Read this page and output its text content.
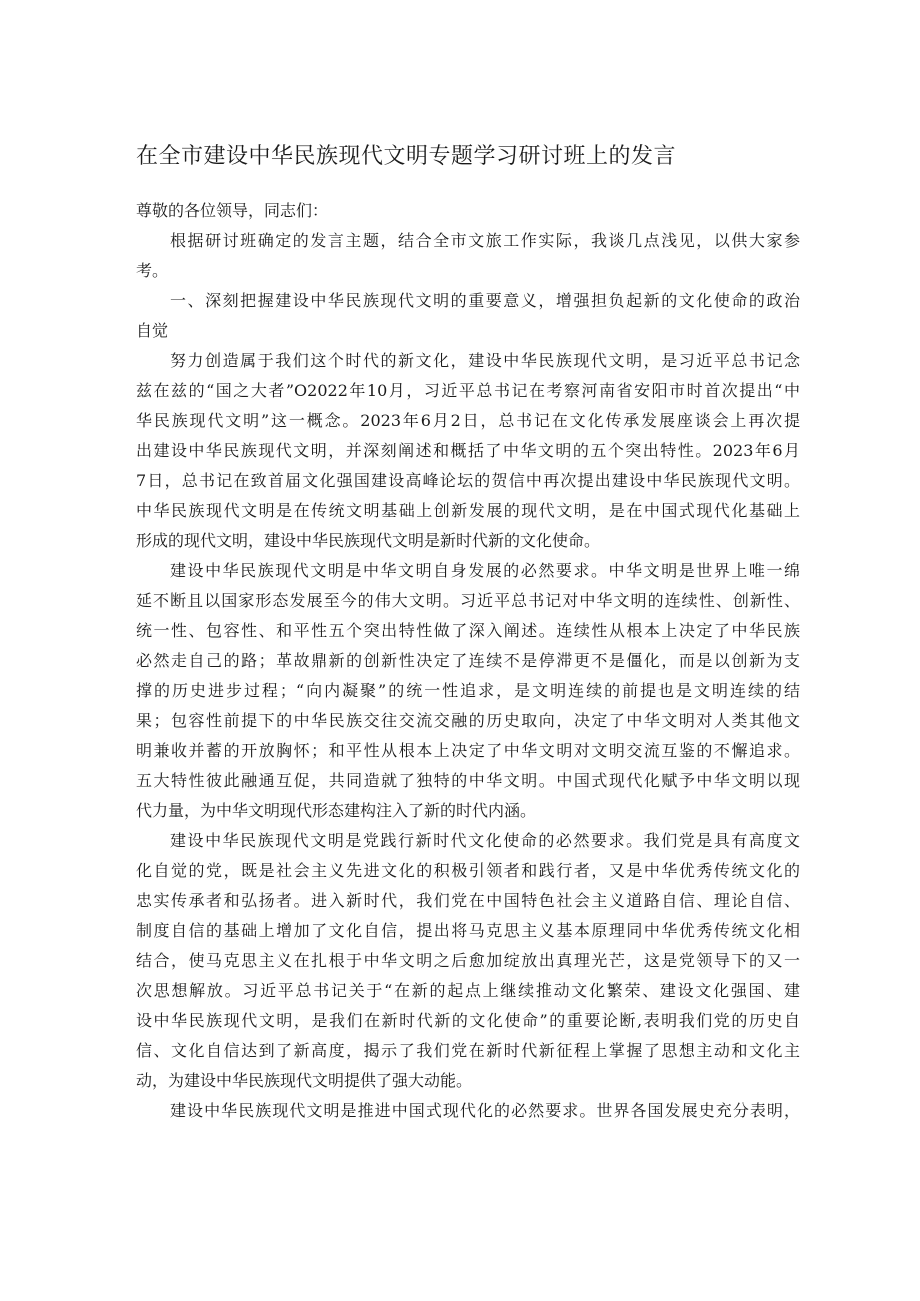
在全市建设中华民族现代文明专题学习研讨班上的发言

尊敬的各位领导，同志们：

根据研讨班确定的发言主题，结合全市文旅工作实际，我谈几点浅见，以供大家参
考。

一、深刻把握建设中华民族现代文明的重要意义，增强担负起新的文化使命的政治
自觉

努力创造属于我们这个时代的新文化，建设中华民族现代文明，是习近平总书记念
兹在兹的“国之大者”O2022年10月，习近平总书记在考察河南省安阳市时首次提出“中
华民族现代文明”这一概念。2023年6月2日，总书记在文化传承发展座谈会上再次提
出建设中华民族现代文明，并深刻阐述和概括了中华文明的五个突出特性。2023年6月
7日，总书记在致首届文化强国建设高峰论坛的贺信中再次提出建设中华民族现代文明。
中华民族现代文明是在传统文明基础上创新发展的现代文明，是在中国式现代化基础上
形成的现代文明，建设中华民族现代文明是新时代新的文化使命。

建设中华民族现代文明是中华文明自身发展的必然要求。中华文明是世界上唯一绵
延不断且以国家形态发展至今的伟大文明。习近平总书记对中华文明的连续性、创新性、
统一性、包容性、和平性五个突出特性做了深入阐述。连续性从根本上决定了中华民族
必然走自己的路；革故鼎新的创新性决定了连续不是停滞更不是僵化，而是以创新为支
撑的历史进步过程；“向内凝聚”的统一性追求，是文明连续的前提也是文明连续的结
果；包容性前提下的中华民族交往交流交融的历史取向，决定了中华文明对人类其他文
明兼收并蓄的开放胸怀；和平性从根本上决定了中华文明对文明交流互鉴的不懈追求。
五大特性彼此融通互促，共同造就了独特的中华文明。中国式现代化赋予中华文明以现
代力量，为中华文明现代形态建构注入了新的时代内涵。

建设中华民族现代文明是党践行新时代文化使命的必然要求。我们党是具有高度文
化自觉的党，既是社会主义先进文化的积极引领者和践行者，又是中华优秀传统文化的
忠实传承者和弘扬者。进入新时代，我们党在中国特色社会主义道路自信、理论自信、
制度自信的基础上增加了文化自信，提出将马克思主义基本原理同中华优秀传统文化相
结合，使马克思主义在扎根于中华文明之后愈加绽放出真理光芒，这是党领导下的又一
次思想解放。习近平总书记关于“在新的起点上继续推动文化繁荣、建设文化强国、建
设中华民族现代文明，是我们在新时代新的文化使命”的重要论断,表明我们党的历史自
信、文化自信达到了新高度，揭示了我们党在新时代新征程上掌握了思想主动和文化主
动，为建设中华民族现代文明提供了强大动能。

建设中华民族现代文明是推进中国式现代化的必然要求。世界各国发展史充分表明，
